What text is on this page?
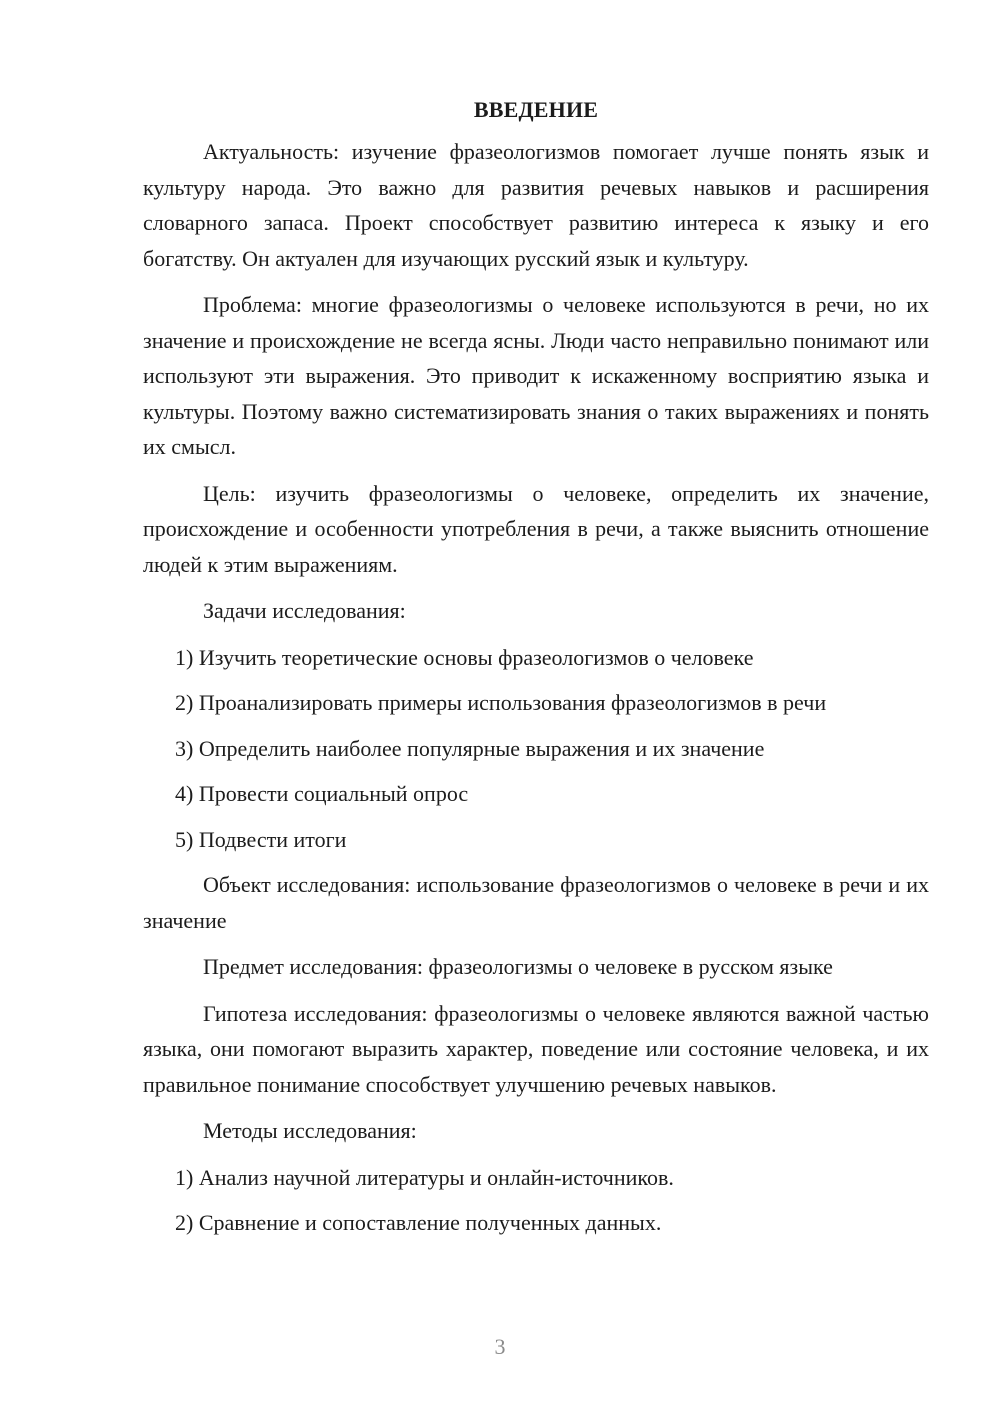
ВВЕДЕНИЕ

Актуальность: изучение фразеологизмов помогает лучше понять язык и культуру народа. Это важно для развития речевых навыков и расширения словарного запаса. Проект способствует развитию интереса к языку и его богатству. Он актуален для изучающих русский язык и культуру.

Проблема: многие фразеологизмы о человеке используются в речи, но их значение и происхождение не всегда ясны. Люди часто неправильно понимают или используют эти выражения. Это приводит к искаженному восприятию языка и культуры. Поэтому важно систематизировать знания о таких выражениях и понять их смысл.

Цель: изучить фразеологизмы о человеке, определить их значение, происхождение и особенности употребления в речи, а также выяснить отношение людей к этим выражениям.

Задачи исследования:

1) Изучить теоретические основы фразеологизмов о человеке
2) Проанализировать примеры использования фразеологизмов в речи
3) Определить наиболее популярные выражения и их значение
4) Провести социальный опрос
5) Подвести итоги

Объект исследования: использование фразеологизмов о человеке в речи и их значение

Предмет исследования: фразеологизмы о человеке в русском языке

Гипотеза исследования: фразеологизмы о человеке являются важной частью языка, они помогают выразить характер, поведение или состояние человека, и их правильное понимание способствует улучшению речевых навыков.

Методы исследования:

1) Анализ научной литературы и онлайн-источников.
2) Сравнение и сопоставление полученных данных.
3
